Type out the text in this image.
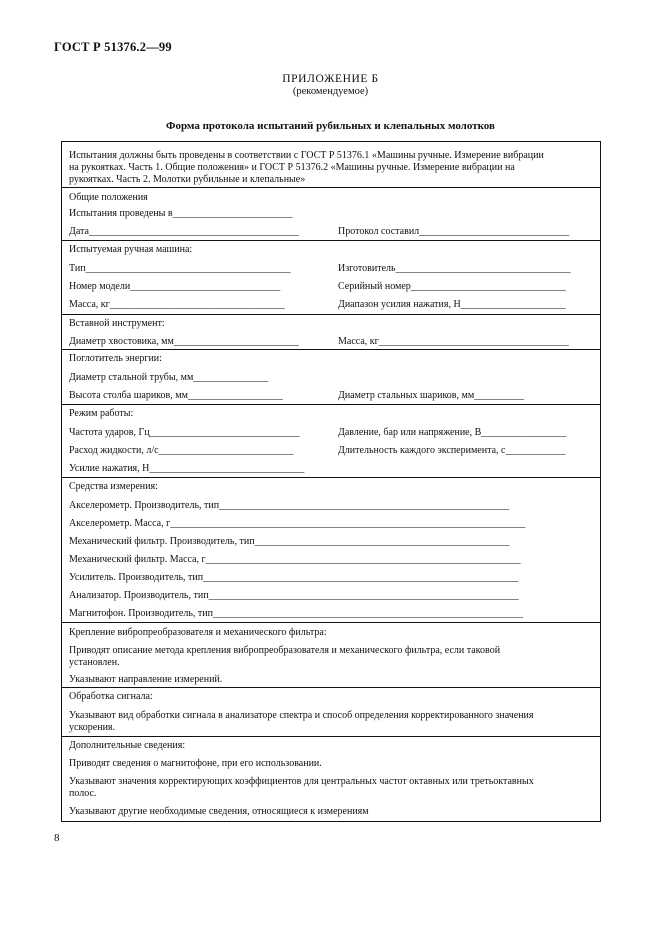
ГОСТ Р 51376.2—99
ПРИЛОЖЕНИЕ Б
(рекомендуемое)
Форма протокола испытаний рубильных и клепальных молотков
Испытания должны быть проведены в соответствии с ГОСТ Р 51376.1 «Машины ручные. Измерение вибрации
на рукоятках. Часть 1. Общие положения» и ГОСТ Р 51376.2 «Машины ручные. Измерение вибрации на
рукоятках. Часть 2. Молотки рубильные и клепальные»
Общие положения
Испытания проведены в________________________
Дата__________________________________________	Протокол составил______________________________
Испытуемая ручная машина:
Тип_________________________________________	Изготовитель___________________________________
Номер модели______________________________	Серийный номер_______________________________
Масса, кг___________________________________	Диапазон усилия нажатия, Н_____________________
Вставной инструмент:
Диаметр хвостовика, мм_________________________	Масса, кг______________________________________
Поглотитель энергии:
Диаметр стальной трубы, мм_______________
Высота столба шариков, мм___________________	Диаметр стальных шариков, мм__________
Режим работы:
Частота ударов, Гц______________________________	Давление, бар или напряжение, В_________________
Расход жидкости, л/с___________________________	Длительность каждого эксперимента, с____________
Усилие нажатия, Н_______________________________
Средства измерения:
Акселерометр. Производитель, тип__________________________________________________________
Акселерометр. Масса, г_______________________________________________________________________
Механический фильтр. Производитель, тип___________________________________________________
Механический фильтр. Масса, г_______________________________________________________________
Усилитель. Производитель, тип_______________________________________________________________
Анализатор. Производитель, тип______________________________________________________________
Магнитофон. Производитель, тип______________________________________________________________
Крепление вибропреобразователя и механического фильтра:
Приводят описание метода крепления вибропреобразователя и механического фильтра, если таковой
установлен.
Указывают направление измерений.
Обработка сигнала:
Указывают вид обработки сигнала в анализаторе спектра и способ определения корректированного значения
ускорения.
Дополнительные сведения:
Приводят сведения о магнитофоне, при его использовании.
Указывают значения корректирующих коэффициентов для центральных частот октавных или третьоктавных
полос.
Указывают другие необходимые сведения, относящиеся к измерениям
8
